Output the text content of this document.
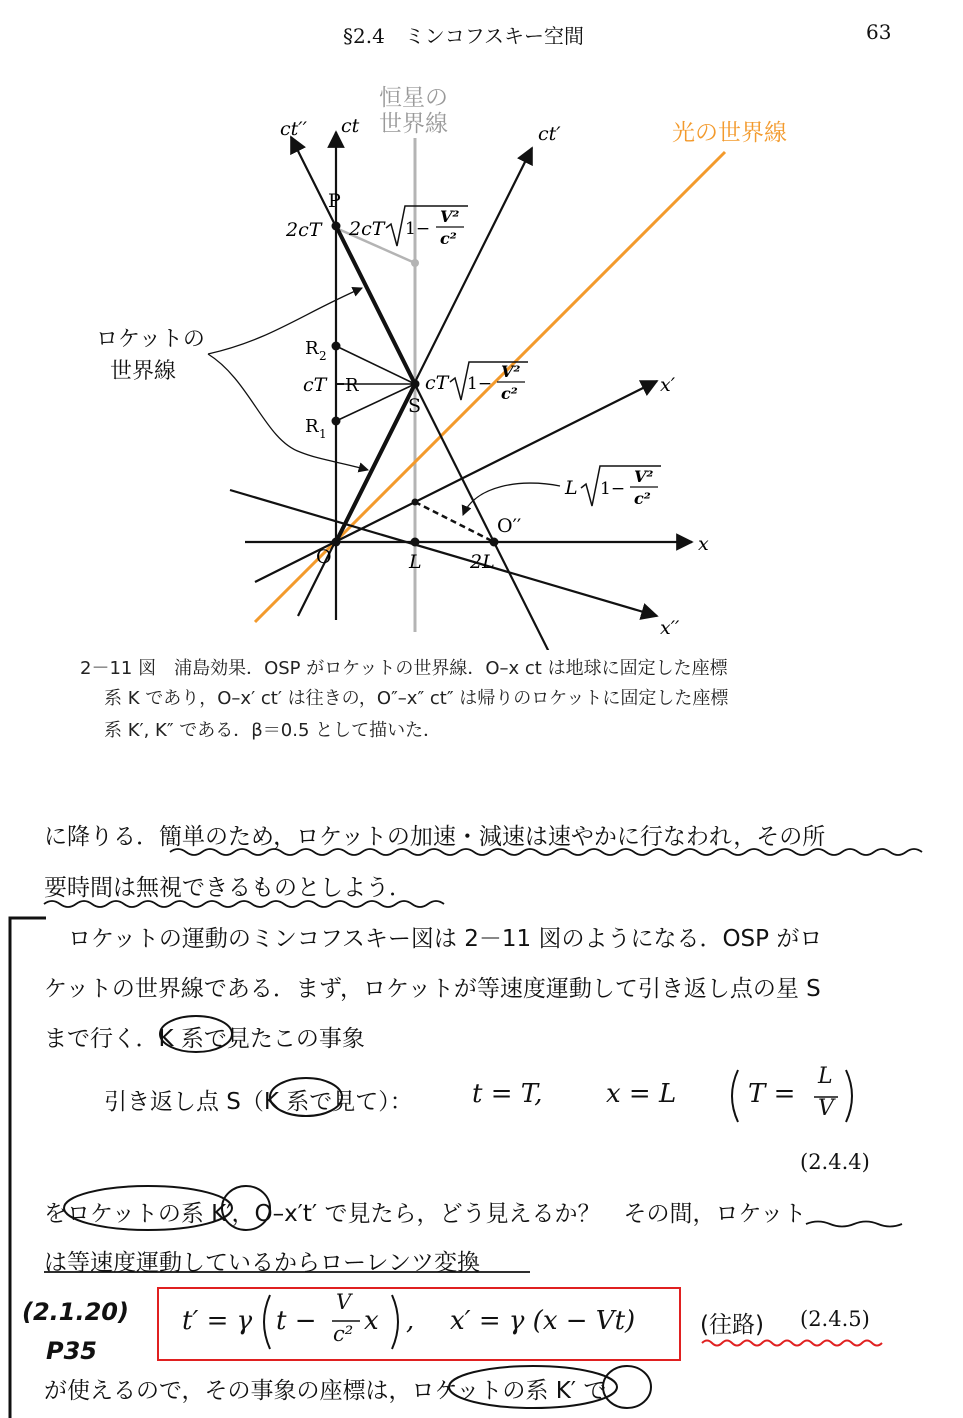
§2.4　ミンコフスキー空間	63
恒星の
世界線	光の世界線
ロケットの
世界線
ct′′ ct	ct′
x
x′
x′′
P
2cT
R 2
cT R
R 1
S
O	L	2L
O′′
2cT 1−
V²
c²
cT 1−
V²
c²
L 1−
V²
c²
2－11 図　浦島効果．OSP がロケットの世界線．O–x ct は地球に固定した座標
系 K であり，O–x′ ct′ は往きの，O″–x″ ct″ は帰りのロケットに固定した座標
系 K′, K″ である．β＝0.5 として描いた．
に降りる．簡単のため，ロケットの加速・減速は速やかに行なわれ，その所
要時間は無視できるものとしよう．
ロケットの運動のミンコフスキー図は 2－11 図のようになる．OSP がロ
ケットの世界線である．まず，ロケットが等速度運動して引き返し点の星 S
まで行く．K 系で見たこの事象
引き返し点 S（K 系で見て）： t = T, x = L	T =
L
V
(2.4.4)
をロケットの系 K′，O–x′t′ で見たら，どう見えるか？　その間，ロケット
は等速度運動しているからローレンツ変換
t′ = γ t −
V
c² x , x′ = γ (x − Vt)	(往路) (2.4.5)
(2.1.20)
P35
が使えるので，その事象の座標は，ロケットの系 K′ で
